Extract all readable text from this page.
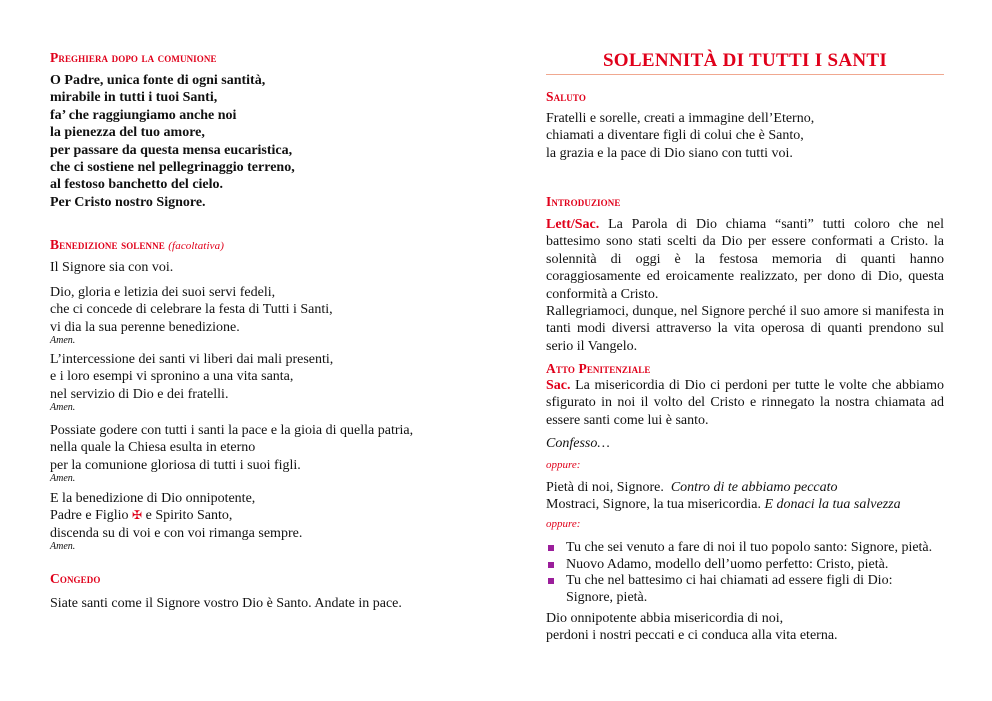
Preghiera dopo la comunione
O Padre, unica fonte di ogni santità,
mirabile in tutti i tuoi Santi,
fa’ che raggiungiamo anche noi
la pienezza del tuo amore,
per passare da questa mensa eucaristica,
che ci sostiene nel pellegrinaggio terreno,
al festoso banchetto del cielo.
Per Cristo nostro Signore.
Benedizione solenne (facoltativa)
Il Signore sia con voi.
Dio, gloria e letizia dei suoi servi fedeli,
che ci concede di celebrare la festa di Tutti i Santi,
vi dia la sua perenne benedizione.
Amen.
L’intercessione dei santi vi liberi dai mali presenti,
e i loro esempi vi spronino a una vita santa,
nel servizio di Dio e dei fratelli.
Amen.
Possiate godere con tutti i santi la pace e la gioia di quella patria,
nella quale la Chiesa esulta in eterno
per la comunione gloriosa di tutti i suoi figli.
Amen.
E la benedizione di Dio onnipotente,
Padre e Figlio ✠ e Spirito Santo,
discenda su di voi e con voi rimanga sempre.
Amen.
Congedo
Siate santi come il Signore vostro Dio è Santo. Andate in pace.
SOLENNITÀ DI TUTTI I SANTI
Saluto
Fratelli e sorelle, creati a immagine dell’Eterno,
chiamati a diventare figli di colui che è Santo,
la grazia e la pace di Dio siano con tutti voi.
Introduzione
Lett/Sac. La Parola di Dio chiama “santi” tutti coloro che nel battesimo sono stati scelti da Dio per essere conformati a Cristo. la solennità di oggi è la festosa memoria di quanti hanno coraggiosamente ed eroicamente realizzato, per dono di Dio, questa conformità a Cristo.
Rallegriamoci, dunque, nel Signore perché il suo amore si manifesta in tanti modi diversi attraverso la vita operosa di quanti prendono sul serio il Vangelo.
Atto Penitenziale
Sac. La misericordia di Dio ci perdoni per tutte le volte che abbiamo sfigurato in noi il volto del Cristo e rinnegato la nostra chiamata ad essere santi come lui è santo.
Confesso…
oppure:
Pietà di noi, Signore. Contro di te abbiamo peccato
Mostraci, Signore, la tua misericordia. E donaci la tua salvezza
oppure:
Tu che sei venuto a fare di noi il tuo popolo santo: Signore, pietà.
Nuovo Adamo, modello dell’uomo perfetto: Cristo, pietà.
Tu che nel battesimo ci hai chiamati ad essere figli di Dio: Signore, pietà.
Dio onnipotente abbia misericordia di noi,
perdoni i nostri peccati e ci conduca alla vita eterna.
